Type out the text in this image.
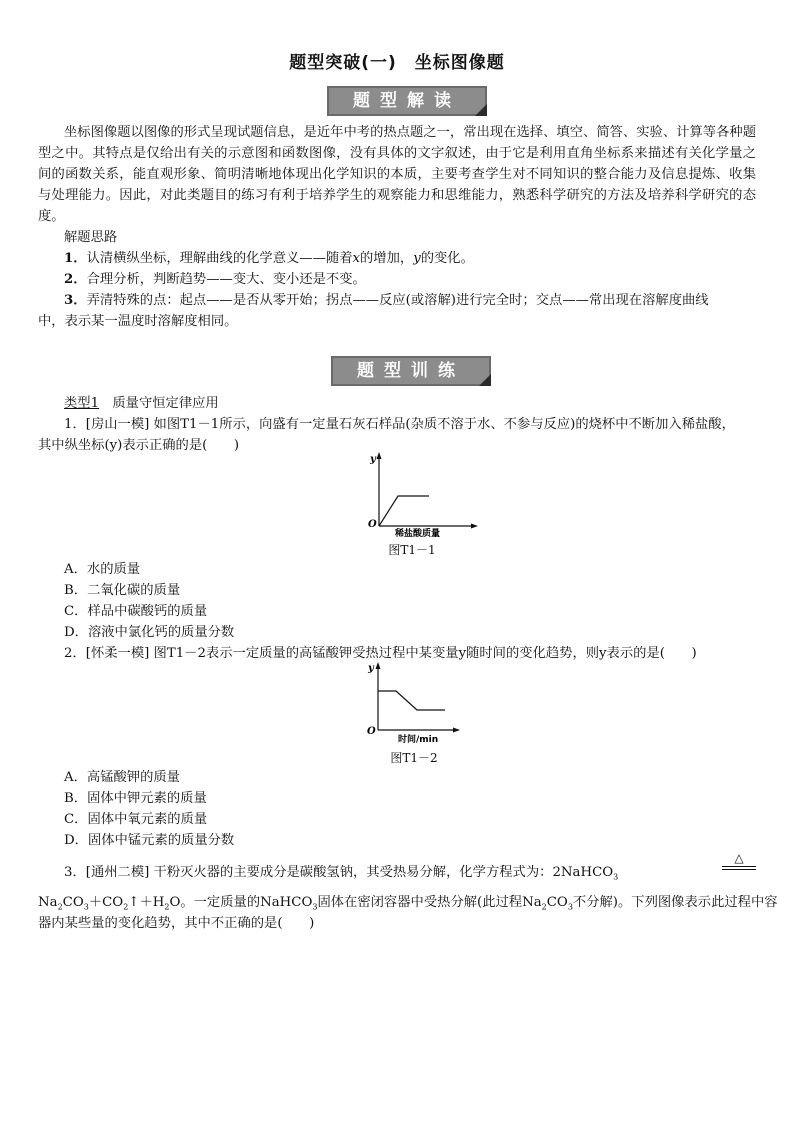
题型突破(一)　坐标图像题
题型解读
坐标图像题以图像的形式呈现试题信息，是近年中考的热点题之一，常出现在选择、填空、简答、实验、计算等各种题型之中。其特点是仅给出有关的示意图和函数图像，没有具体的文字叙述，由于它是利用直角坐标系来描述有关化学量之间的函数关系，能直观形象、简明清晰地体现出化学知识的本质，主要考查学生对不同知识的整合能力及信息提炼、收集与处理能力。因此，对此类题目的练习有利于培养学生的观察能力和思维能力，熟悉科学研究的方法及培养科学研究的态度。
解题思路
1．认清横纵坐标，理解曲线的化学意义——随着x的增加，y的变化。
2．合理分析，判断趋势——变大、变小还是不变。
3．弄清特殊的点：起点——是否从零开始；拐点——反应(或溶解)进行完全时；交点——常出现在溶解度曲线
中，表示某一温度时溶解度相同。
题型训练
类型1　 质量守恒定律应用
1．[房山一模] 如图T1－1所示，向盛有一定量石灰石样品(杂质不溶于水、不参与反应)的烧杯中不断加入稀盐酸，
其中纵坐标(y)表示正确的是(　　)
y
O
稀盐酸质量
图T1－1
A．水的质量
B．二氧化碳的质量
C．样品中碳酸钙的质量
D．溶液中氯化钙的质量分数
2．[怀柔一模] 图T1－2表示一定质量的高锰酸钾受热过程中某变量y随时间的变化趋势，则y表示的是(　　)
y
O
时间/min
图T1－2
A．高锰酸钾的质量
B．固体中钾元素的质量
C．固体中氧元素的质量
D．固体中锰元素的质量分数
3．[通州二模] 干粉灭火器的主要成分是碳酸氢钠，其受热易分解，化学方程式为：2NaHCO$_3$
△
$Na_2CO_3+CO_2↑+H_2O$。一定质量的NaHCO$_3$固体在密闭容器中受热分解(此过程$Na_2CO_3$不分解)。下列图像表示此过程中容
器内某些量的变化趋势，其中不正确的是(　　)
